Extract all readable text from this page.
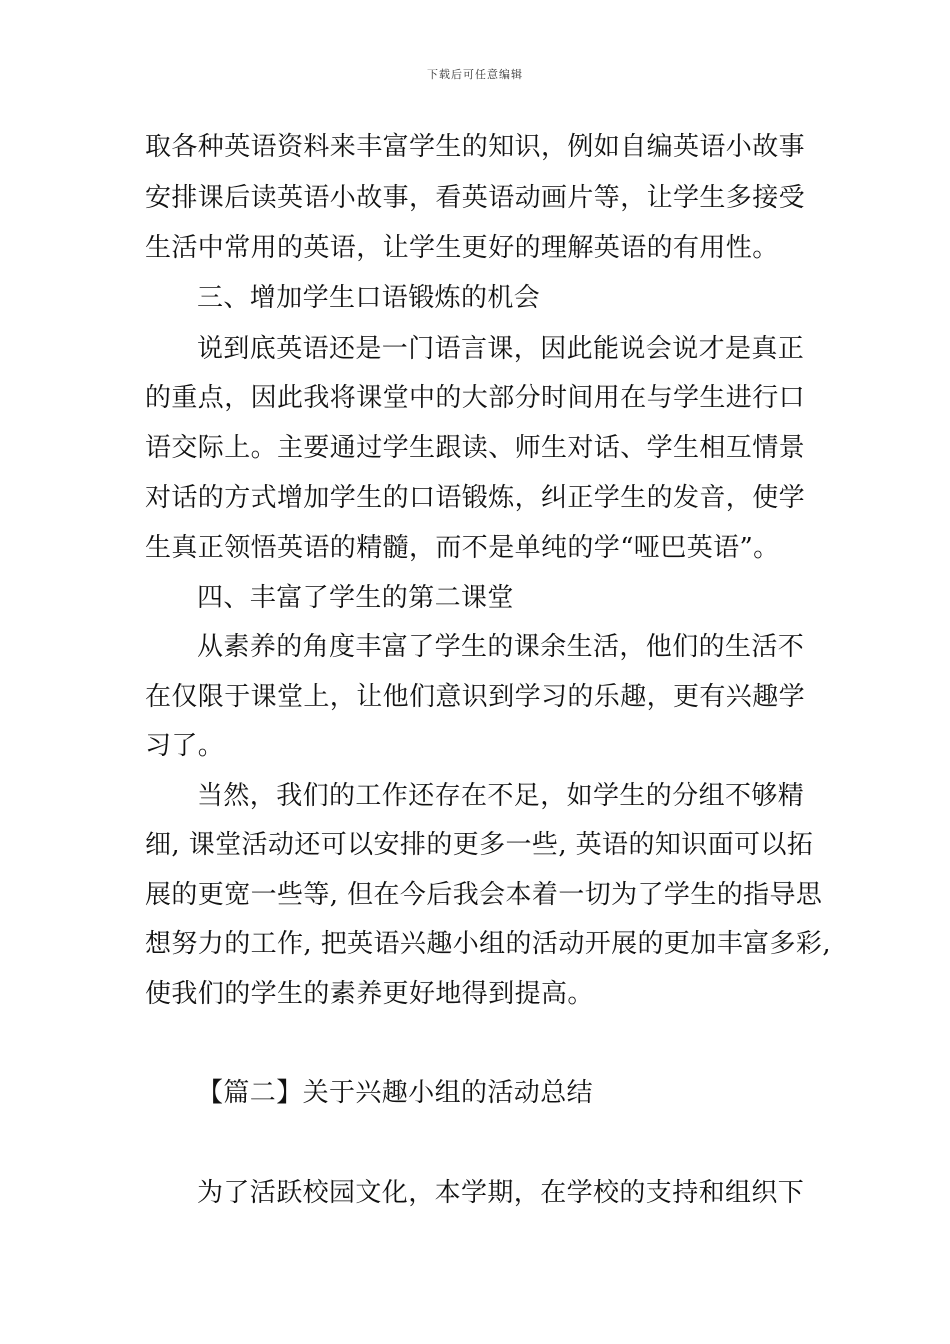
下载后可任意编辑
取各种英语资料来丰富学生的知识，例如自编英语小故事
安排课后读英语小故事，看英语动画片等，让学生多接受
生活中常用的英语，让学生更好的理解英语的有用性。
三、增加学生口语锻炼的机会
说到底英语还是一门语言课，因此能说会说才是真正
的重点，因此我将课堂中的大部分时间用在与学生进行口
语交际上。主要通过学生跟读、师生对话、学生相互情景
对话的方式增加学生的口语锻炼，纠正学生的发音，使学
生真正领悟英语的精髓，而不是单纯的学“哑巴英语”。
四、丰富了学生的第二课堂
从素养的角度丰富了学生的课余生活，他们的生活不
在仅限于课堂上，让他们意识到学习的乐趣，更有兴趣学
习了。
当然，我们的工作还存在不足，如学生的分组不够精
细, 课堂活动还可以安排的更多一些, 英语的知识面可以拓
展的更宽一些等, 但在今后我会本着一切为了学生的指导思
想努力的工作, 把英语兴趣小组的活动开展的更加丰富多彩,
使我们的学生的素养更好地得到提高。
【篇二】关于兴趣小组的活动总结
为了活跃校园文化，本学期，在学校的支持和组织下
